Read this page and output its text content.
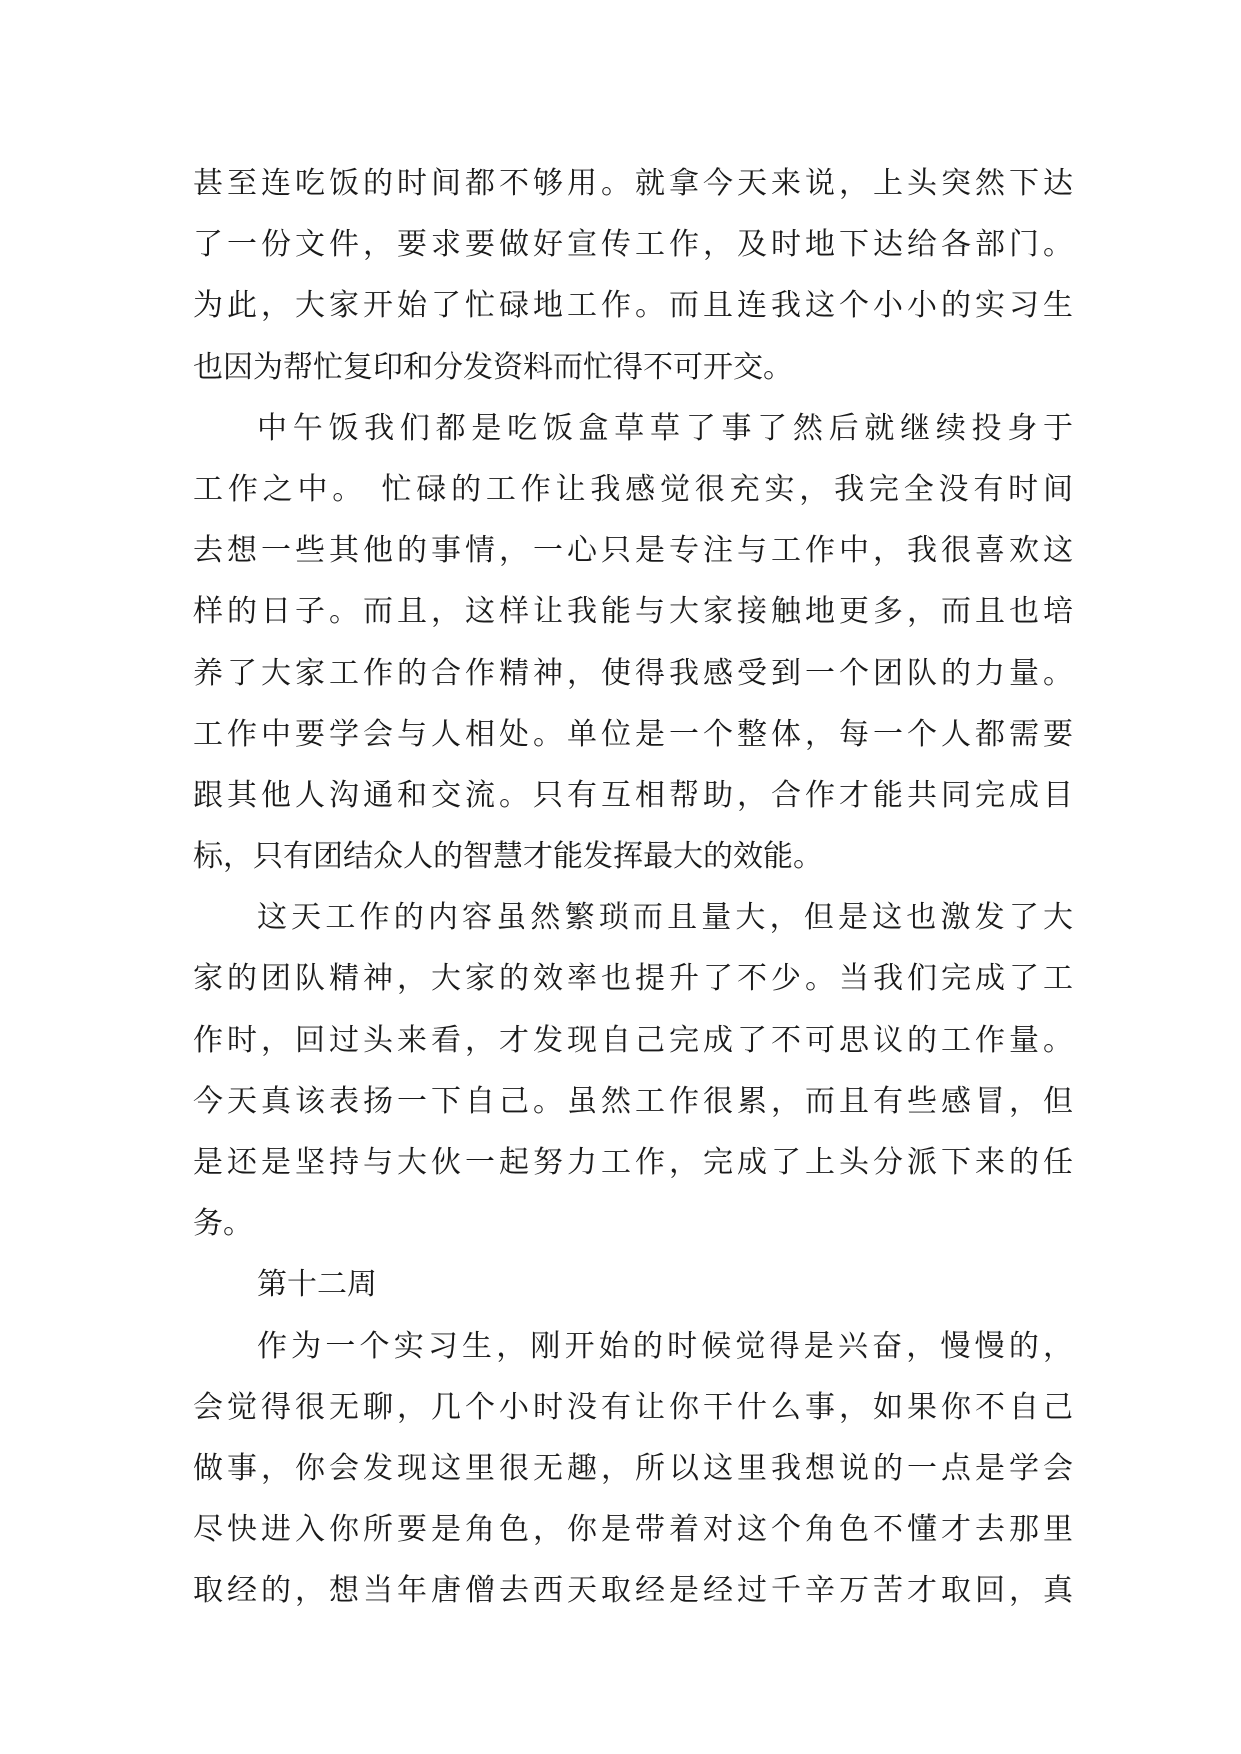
甚至连吃饭的时间都不够用。就拿今天来说，上头突然下达
了一份文件，要求要做好宣传工作，及时地下达给各部门。
为此，大家开始了忙碌地工作。而且连我这个小小的实习生
也因为帮忙复印和分发资料而忙得不可开交。
中午饭我们都是吃饭盒草草了事了然后就继续投身于
工作之中。 忙碌的工作让我感觉很充实，我完全没有时间
去想一些其他的事情，一心只是专注与工作中，我很喜欢这
样的日子。而且，这样让我能与大家接触地更多，而且也培
养了大家工作的合作精神，使得我感受到一个团队的力量。
工作中要学会与人相处。单位是一个整体，每一个人都需要
跟其他人沟通和交流。只有互相帮助，合作才能共同完成目
标，只有团结众人的智慧才能发挥最大的效能。
这天工作的内容虽然繁琐而且量大，但是这也激发了大
家的团队精神，大家的效率也提升了不少。当我们完成了工
作时，回过头来看，才发现自己完成了不可思议的工作量。
今天真该表扬一下自己。虽然工作很累，而且有些感冒，但
是还是坚持与大伙一起努力工作，完成了上头分派下来的任
务。
第十二周
作为一个实习生，刚开始的时候觉得是兴奋，慢慢的，
会觉得很无聊，几个小时没有让你干什么事，如果你不自己
做事，你会发现这里很无趣，所以这里我想说的一点是学会
尽快进入你所要是角色，你是带着对这个角色不懂才去那里
取经的，想当年唐僧去西天取经是经过千辛万苦才取回，真
